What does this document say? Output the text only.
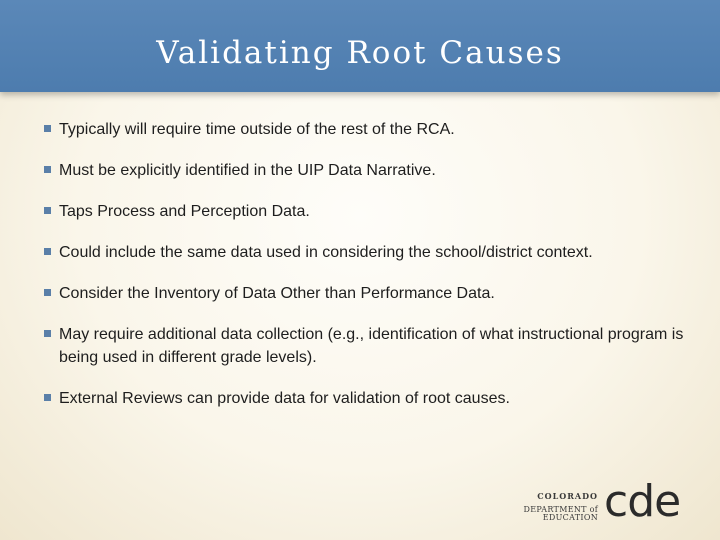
Validating Root Causes
Typically will require time outside of the rest of the RCA.
Must be explicitly identified in the UIP Data Narrative.
Taps Process and Perception Data.
Could include the same data used in considering the school/district context.
Consider the Inventory of Data Other than Performance Data.
May require additional data collection (e.g., identification of what instructional program is being used in different grade levels).
External Reviews can provide data for validation of root causes.
COLORADO
DEPARTMENT of EDUCATION cde
